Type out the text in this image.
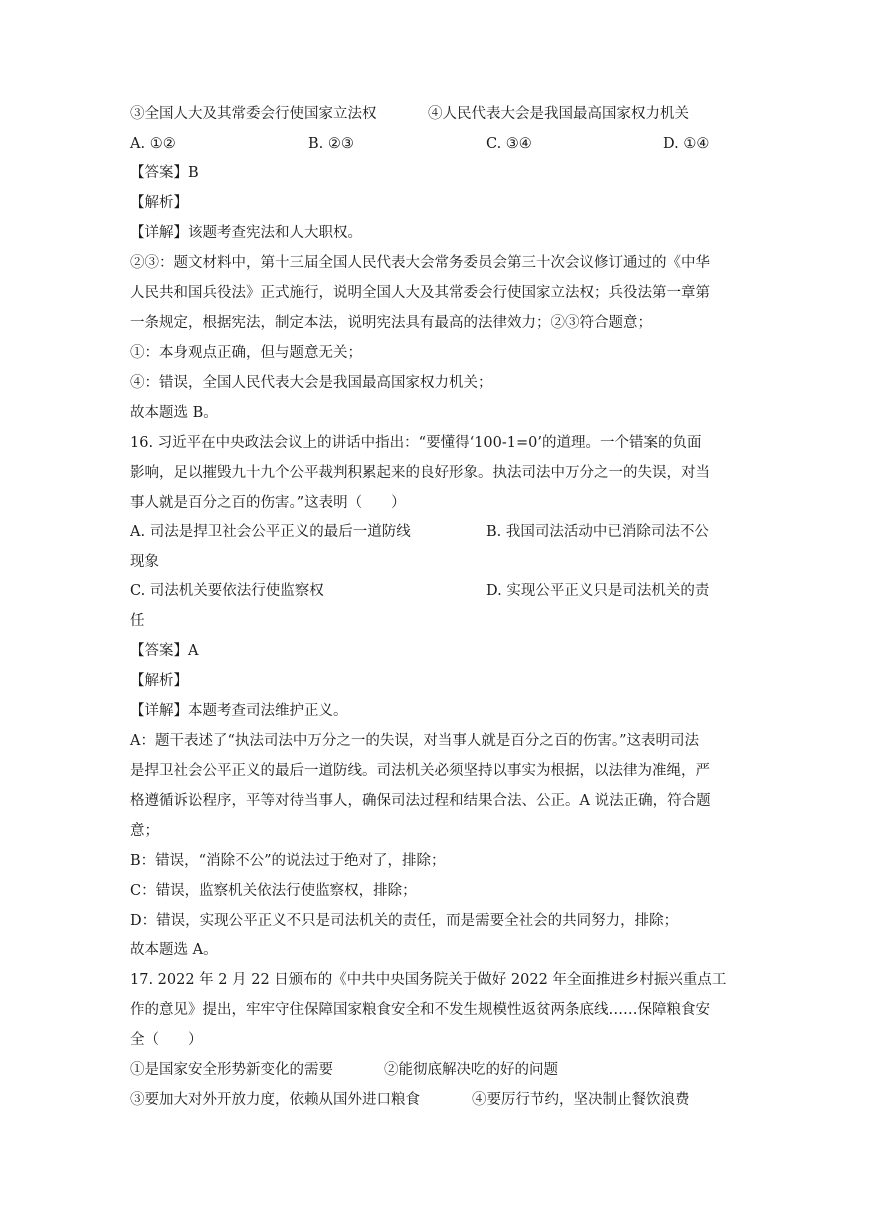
③全国人大及其常委会行使国家立法权	④人民代表大会是我国最高国家权力机关
A. ①②	B. ②③	C. ③④	D. ①④
【答案】B
【解析】
【详解】该题考查宪法和人大职权。
②③：题文材料中，第十三届全国人民代表大会常务委员会第三十次会议修订通过的《中华
人民共和国兵役法》正式施行，说明全国人大及其常委会行使国家立法权；兵役法第一章第
一条规定，根据宪法，制定本法，说明宪法具有最高的法律效力；②③符合题意；
①：本身观点正确，但与题意无关；
④：错误，全国人民代表大会是我国最高国家权力机关；
故本题选 B。
16. 习近平在中央政法会议上的讲话中指出：“要懂得‘100-1=0’的道理。一个错案的负面
影响，足以摧毁九十九个公平裁判积累起来的良好形象。执法司法中万分之一的失误，对当
事人就是百分之百的伤害。”这表明（　　）
A. 司法是捍卫社会公平正义的最后一道防线	B. 我国司法活动中已消除司法不公
现象
C. 司法机关要依法行使监察权	D. 实现公平正义只是司法机关的责
任
【答案】A
【解析】
【详解】本题考查司法维护正义。
A：题干表述了“执法司法中万分之一的失误，对当事人就是百分之百的伤害。”这表明司法
是捍卫社会公平正义的最后一道防线。司法机关必须坚持以事实为根据，以法律为准绳，严
格遵循诉讼程序，平等对待当事人，确保司法过程和结果合法、公正。A 说法正确，符合题
意；
B：错误，“消除不公”的说法过于绝对了，排除；
C：错误，监察机关依法行使监察权，排除；
D：错误，实现公平正义不只是司法机关的责任，而是需要全社会的共同努力，排除；
故本题选 A。
17. 2022 年 2 月 22 日颁布的《中共中央国务院关于做好 2022 年全面推进乡村振兴重点工
作的意见》提出，牢牢守住保障国家粮食安全和不发生规模性返贫两条底线……保障粮食安
全（　　）
①是国家安全形势新变化的需要	②能彻底解决吃的好的问题
③要加大对外开放力度，依赖从国外进口粮食	④要厉行节约，坚决制止餐饮浪费
